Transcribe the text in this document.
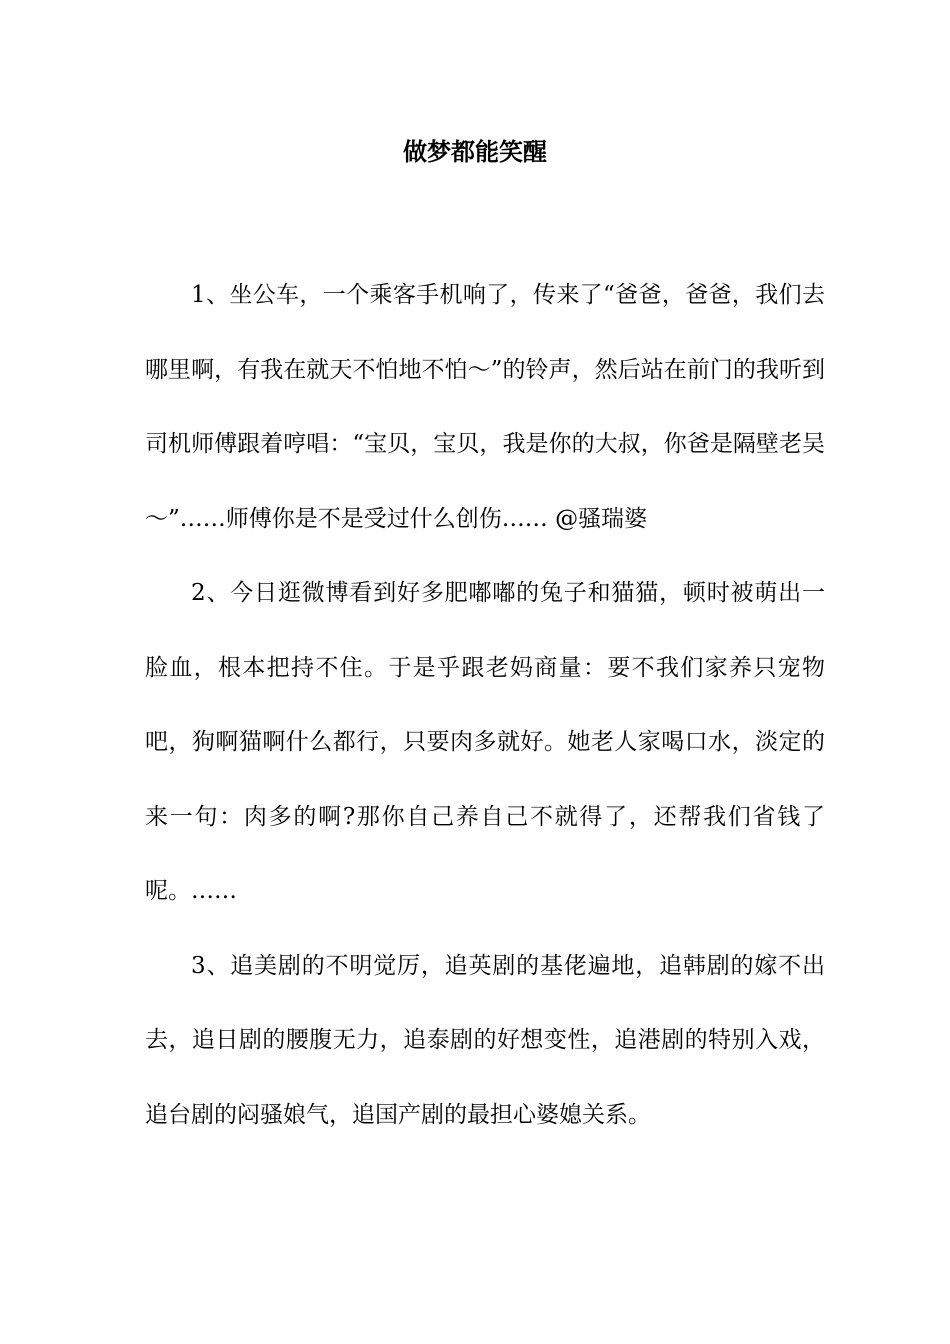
做梦都能笑醒

1、坐公车，一个乘客手机响了，传来了“爸爸，爸爸，我们去哪里啊，有我在就天不怕地不怕～”的铃声，然后站在前门的我听到司机师傅跟着哼唱：“宝贝，宝贝，我是你的大叔，你爸是隔壁老吴～”……师傅你是不是受过什么创伤…… @骚瑞婆

2、今日逛微博看到好多肥嘟嘟的兔子和猫猫，顿时被萌出一脸血，根本把持不住。于是乎跟老妈商量：要不我们家养只宠物吧，狗啊猫啊什么都行，只要肉多就好。她老人家喝口水，淡定的来一句：肉多的啊?那你自己养自己不就得了，还帮我们省钱了呢。……

3、追美剧的不明觉厉，追英剧的基佬遍地，追韩剧的嫁不出去，追日剧的腰腹无力，追泰剧的好想变性，追港剧的特别入戏，追台剧的闷骚娘气，追国产剧的最担心婆媳关系。
